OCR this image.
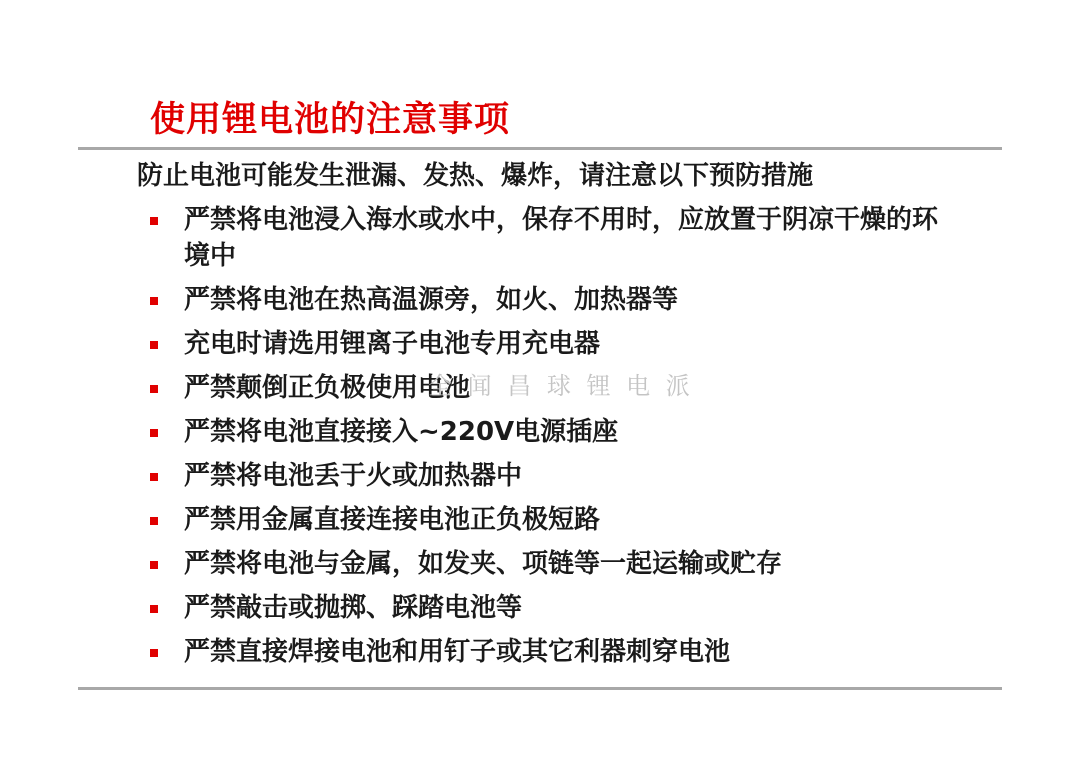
使用锂电池的注意事项
防止电池可能发生泄漏、发热、爆炸，请注意以下预防措施
严禁将电池浸入海水或水中，保存不用时，应放置于阴凉干燥的环境中
严禁将电池在热高温源旁，如火、加热器等
充电时请选用锂离子电池专用充电器
严禁颠倒正负极使用电池
严禁将电池直接接入~220V电源插座
严禁将电池丢于火或加热器中
严禁用金属直接连接电池正负极短路
严禁将电池与金属，如发夹、项链等一起运输或贮存
严禁敲击或抛掷、踩踏电池等
严禁直接焊接电池和用钉子或其它利器刺穿电池
全 闻 昌 球 锂 电 派
